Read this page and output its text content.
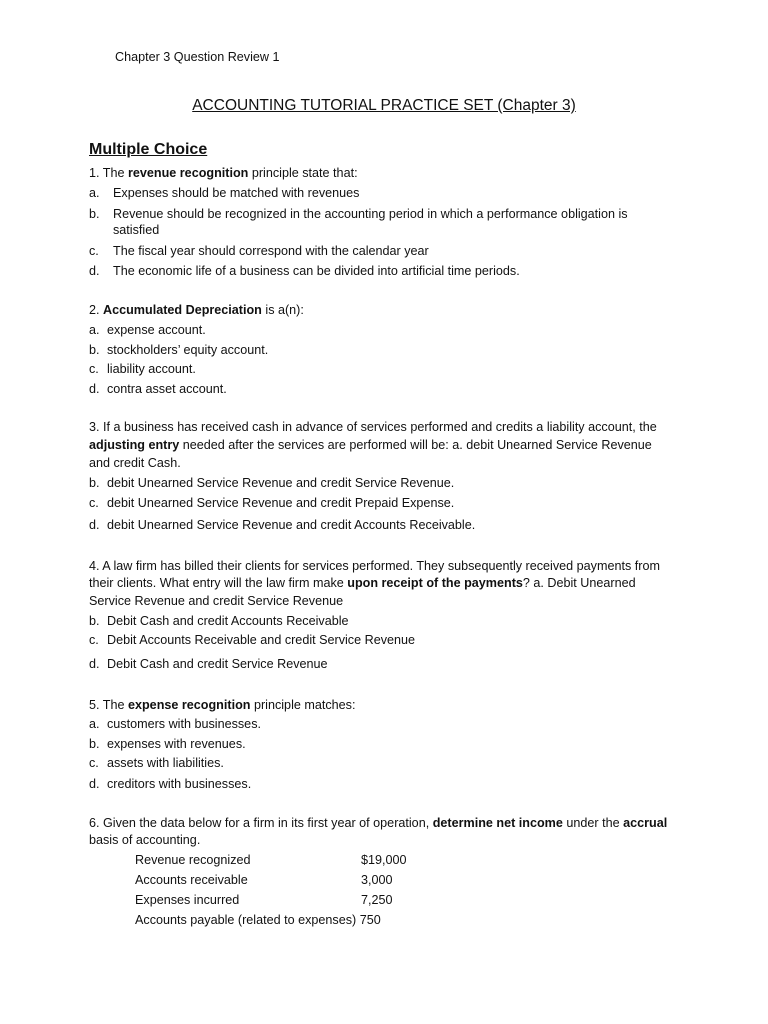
Chapter 3 Question Review 1
ACCOUNTING TUTORIAL PRACTICE SET (Chapter 3)
Multiple Choice
1. The revenue recognition principle state that:
a. Expenses should be matched with revenues
b. Revenue should be recognized in the accounting period in which a performance obligation is
satisfied
c. The fiscal year should correspond with the calendar year
d. The economic life of a business can be divided into artificial time periods.
2. Accumulated Depreciation is a(n):
a. expense account.
b. stockholders’ equity account.
c. liability account.
d. contra asset account.
3. If a business has received cash in advance of services performed and credits a liability account, the
adjusting entry needed after the services are performed will be: a. debit Unearned Service Revenue
and credit Cash.
b. debit Unearned Service Revenue and credit Service Revenue.
c. debit Unearned Service Revenue and credit Prepaid Expense.
d. debit Unearned Service Revenue and credit Accounts Receivable.
4. A law firm has billed their clients for services performed. They subsequently received payments from
their clients. What entry will the law firm make upon receipt of the payments? a. Debit Unearned
Service Revenue and credit Service Revenue
b. Debit Cash and credit Accounts Receivable
c. Debit Accounts Receivable and credit Service Revenue
d. Debit Cash and credit Service Revenue
5. The expense recognition principle matches:
a. customers with businesses.
b. expenses with revenues.
c. assets with liabilities.
d. creditors with businesses.
6. Given the data below for a firm in its first year of operation, determine net income under the accrual
basis of accounting.
Revenue recognized	$19,000
Accounts receivable	3,000
Expenses incurred	7,250
Accounts payable (related to expenses) 750
